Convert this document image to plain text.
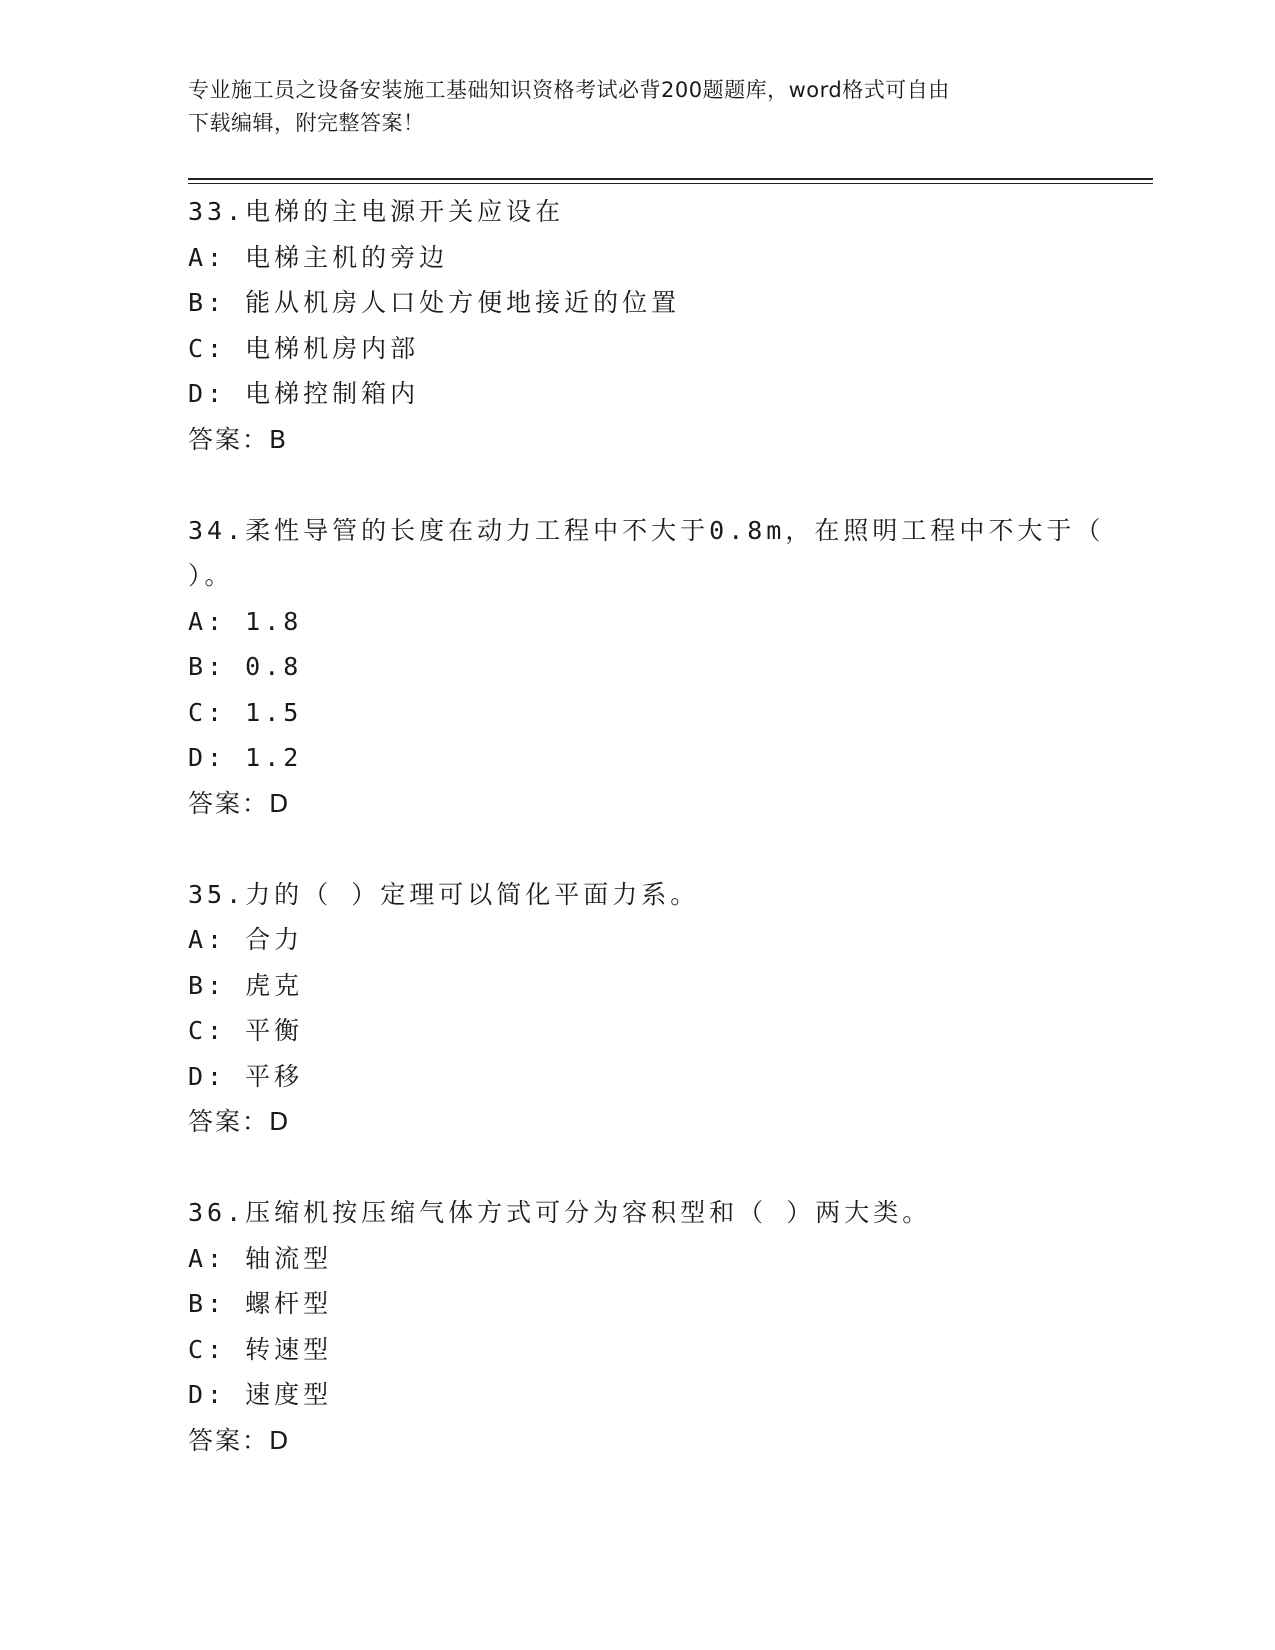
专业施工员之设备安装施工基础知识资格考试必背200题题库，word格式可自由
下载编辑，附完整答案！
33.电梯的主电源开关应设在
A: 电梯主机的旁边
B: 能从机房人口处方便地接近的位置
C: 电梯机房内部
D: 电梯控制箱内
答案：B
34.柔性导管的长度在动力工程中不大于0.8m，在照明工程中不大于（
）。
A: 1.8
B: 0.8
C: 1.5
D: 1.2
答案：D
35.力的（ ）定理可以简化平面力系。
A: 合力
B: 虎克
C: 平衡
D: 平移
答案：D
36.压缩机按压缩气体方式可分为容积型和（ ）两大类。
A: 轴流型
B: 螺杆型
C: 转速型
D: 速度型
答案：D
